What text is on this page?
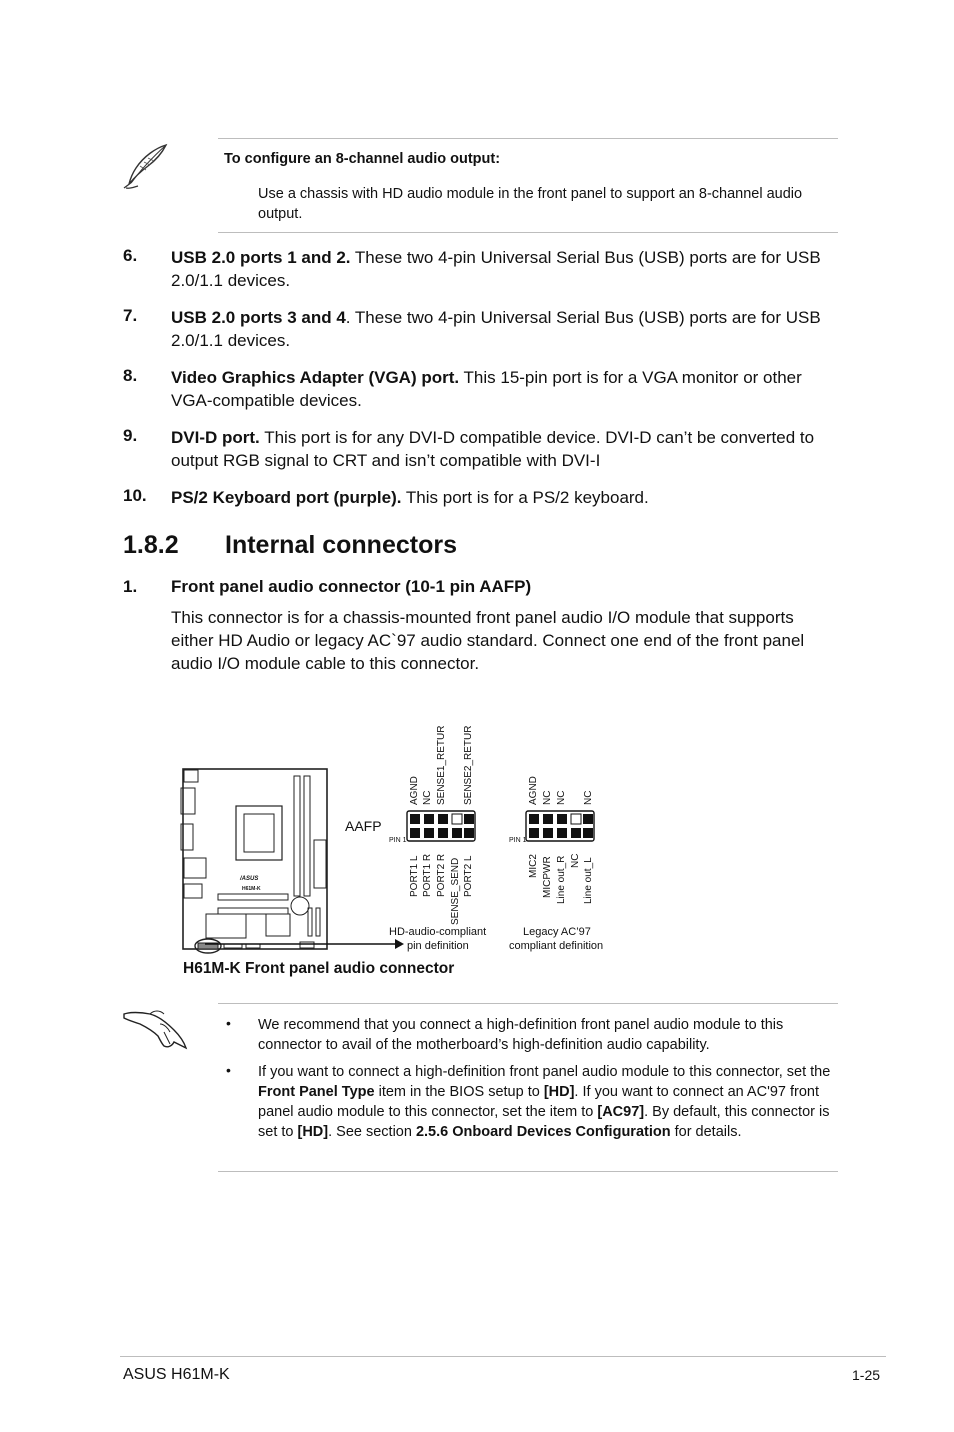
To configure an 8-channel audio output:
Use a chassis with HD audio module in the front panel to support an 8-channel audio output.
6. USB 2.0 ports 1 and 2. These two 4-pin Universal Serial Bus (USB) ports are for USB 2.0/1.1 devices.
7. USB 2.0 ports 3 and 4. These two 4-pin Universal Serial Bus (USB) ports are for USB 2.0/1.1 devices.
8. Video Graphics Adapter (VGA) port. This 15-pin port is for a VGA monitor or other VGA-compatible devices.
9. DVI-D port. This port is for any DVI-D compatible device. DVI-D can’t be converted to output RGB signal to CRT and isn’t compatible with DVI-I
10. PS/2 Keyboard port (purple). This port is for a PS/2 keyboard.
1.8.2 Internal connectors
1. Front panel audio connector (10-1 pin AAFP)
This connector is for a chassis-mounted front panel audio I/O module that supports either HD Audio or legacy AC`97 audio standard. Connect one end of the front panel audio I/O module cable to this connector.
/ASUS
H61M-K
AAFP
PIN 1
AGND NC SENSE1_RETUR SENSE2_RETUR
PORT1 L PORT1 R PORT2 R SENSE_SEND PORT2 L
HD-audio-compliant
pin definition
PIN 1
AGND NC NC NC
MIC2 MICPWR Line out_R NC Line out_L
Legacy AC’97
compliant definition
H61M-K Front panel audio connector
• We recommend that you connect a high-definition front panel audio module to this connector to avail of the motherboard’s high-definition audio capability.
• If you want to connect a high-definition front panel audio module to this connector, set the Front Panel Type item in the BIOS setup to [HD]. If you want to connect an AC'97 front panel audio module to this connector, set the item to [AC97]. By default, this connector is set to [HD]. See section 2.5.6 Onboard Devices Configuration for details.
ASUS H61M-K	1-25
